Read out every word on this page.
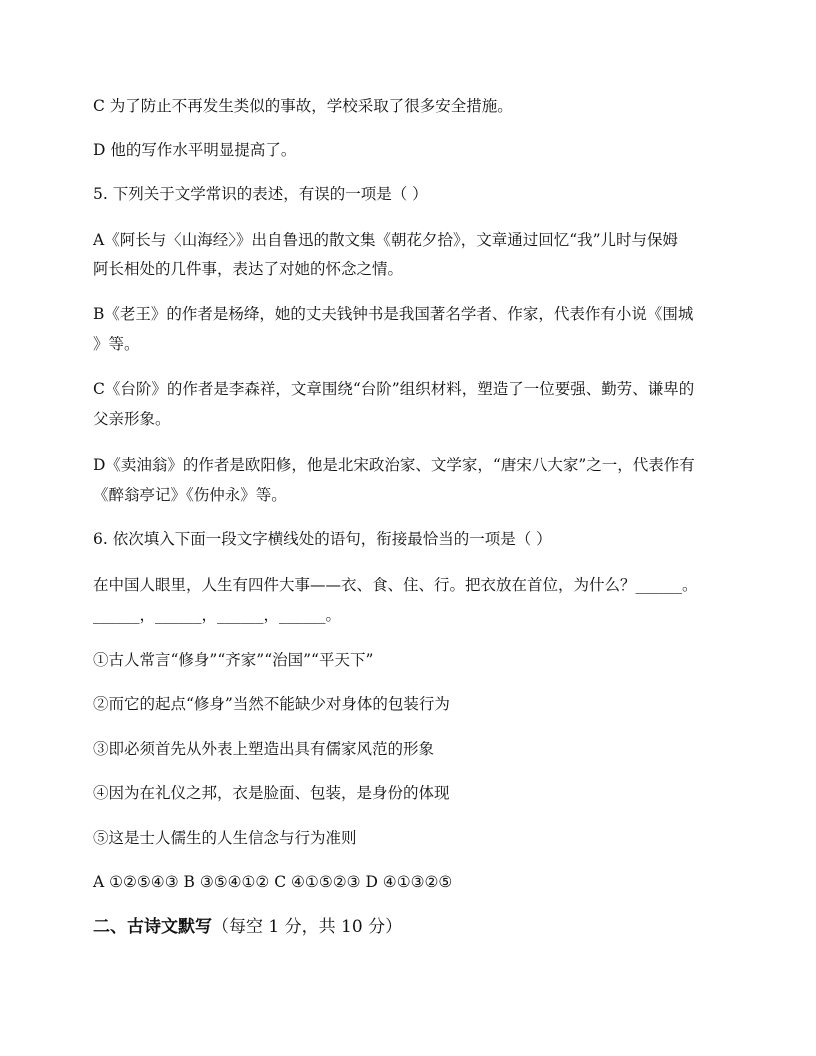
C 为了防止不再发生类似的事故，学校采取了很多安全措施。
D 他的写作水平明显提高了。
5. 下列关于文学常识的表述，有误的一项是（ ）
A《阿长与〈山海经〉》出自鲁迅的散文集《朝花夕拾》，文章通过回忆“我”儿时与保姆
阿长相处的几件事，表达了对她的怀念之情。
B《老王》的作者是杨绛，她的丈夫钱钟书是我国著名学者、作家，代表作有小说《围城
》等。
C《台阶》的作者是李森祥，文章围绕“台阶”组织材料，塑造了一位要强、勤劳、谦卑的
父亲形象。
D《卖油翁》的作者是欧阳修，他是北宋政治家、文学家，“唐宋八大家”之一，代表作有
《醉翁亭记》《伤仲永》等。
6. 依次填入下面一段文字横线处的语句，衔接最恰当的一项是（ ）
在中国人眼里，人生有四件大事——衣、食、住、行。把衣放在首位，为什么？______。
______，______，______，______。
①古人常言“修身”“齐家”“治国”“平天下”
②而它的起点“修身”当然不能缺少对身体的包装行为
③即必须首先从外表上塑造出具有儒家风范的形象
④因为在礼仪之邦，衣是脸面、包装，是身份的体现
⑤这是士人儒生的人生信念与行为准则
A ①②⑤④③ B ③⑤④①② C ④①⑤②③ D ④①③②⑤
二、古诗文默写（每空 1 分，共 10 分）
